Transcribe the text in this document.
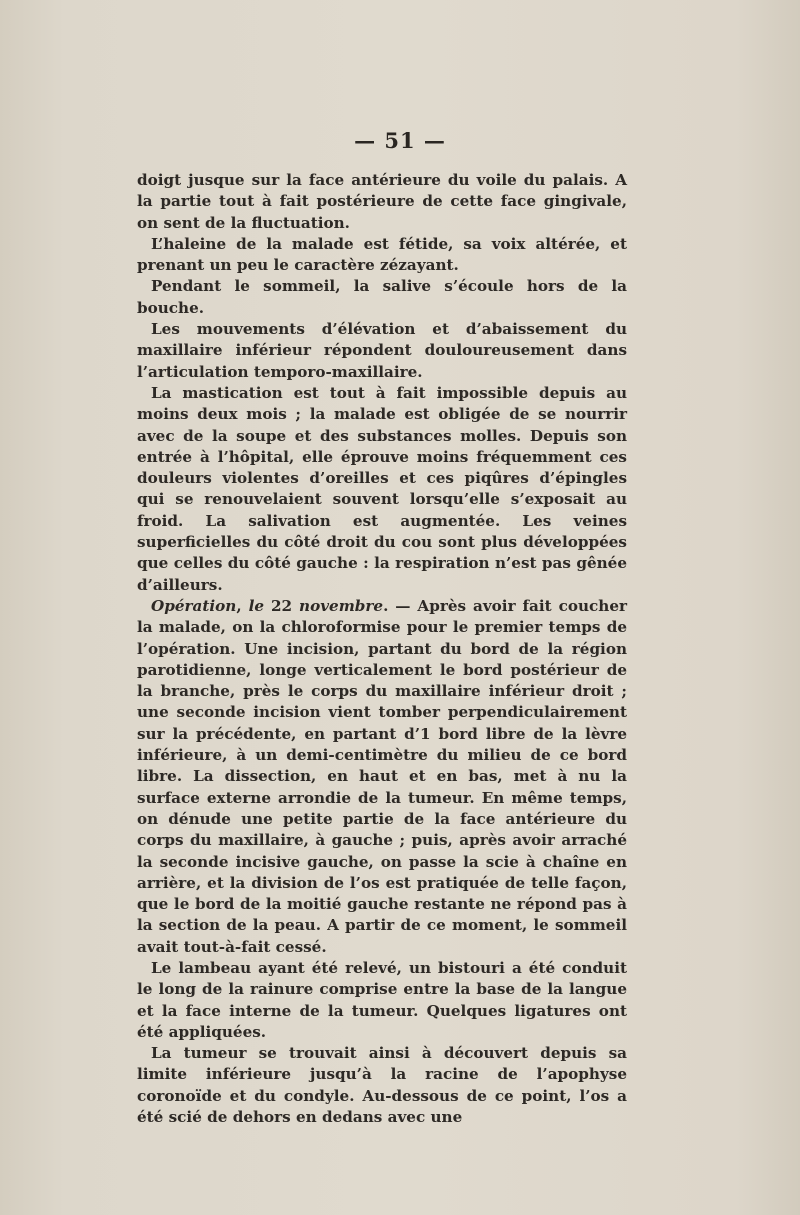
— 51 —

doigt jusque sur la face antérieure du voile du palais. A la partie tout à fait postérieure de cette face gingivale, on sent de la fluctuation.

L’haleine de la malade est fétide, sa voix altérée, et prenant un peu le caractère zézayant.

Pendant le sommeil, la salive s’écoule hors de la bouche.

Les mouvements d’élévation et d’abaissement du maxillaire inférieur répondent douloureusement dans l’articulation temporo-maxillaire.

La mastication est tout à fait impossible depuis au moins deux mois ; la malade est obligée de se nourrir avec de la soupe et des substances molles. Depuis son entrée à l’hôpital, elle éprouve moins fréquemment ces douleurs violentes d’oreilles et ces piqûres d’épingles qui se renouvelaient souvent lorsqu’elle s’exposait au froid. La salivation est augmentée. Les veines superficielles du côté droit du cou sont plus développées que celles du côté gauche : la respiration n’est pas gênée d’ailleurs.

Opération, le 22 novembre. — Après avoir fait coucher la malade, on la chloroformise pour le premier temps de l’opération. Une incision, partant du bord de la région parotidienne, longe verticalement le bord postérieur de la branche, près le corps du maxillaire inférieur droit ; une seconde incision vient tomber perpendiculairement sur la précédente, en partant d’1 bord libre de la lèvre inférieure, à un demi-centimètre du milieu de ce bord libre. La dissection, en haut et en bas, met à nu la surface externe arrondie de la tumeur. En même temps, on dénude une petite partie de la face antérieure du corps du maxillaire, à gauche ; puis, après avoir arraché la seconde incisive gauche, on passe la scie à chaîne en arrière, et la division de l’os est pratiquée de telle façon, que le bord de la moitié gauche restante ne répond pas à la section de la peau. A partir de ce moment, le sommeil avait tout-à-fait cessé.

Le lambeau ayant été relevé, un bistouri a été conduit le long de la rainure comprise entre la base de la langue et la face interne de la tumeur. Quelques ligatures ont été appliquées.

La tumeur se trouvait ainsi à découvert depuis sa limite inférieure jusqu’à la racine de l’apophyse coronoïde et du condyle. Au-dessous de ce point, l’os a été scié de dehors en dedans avec une
